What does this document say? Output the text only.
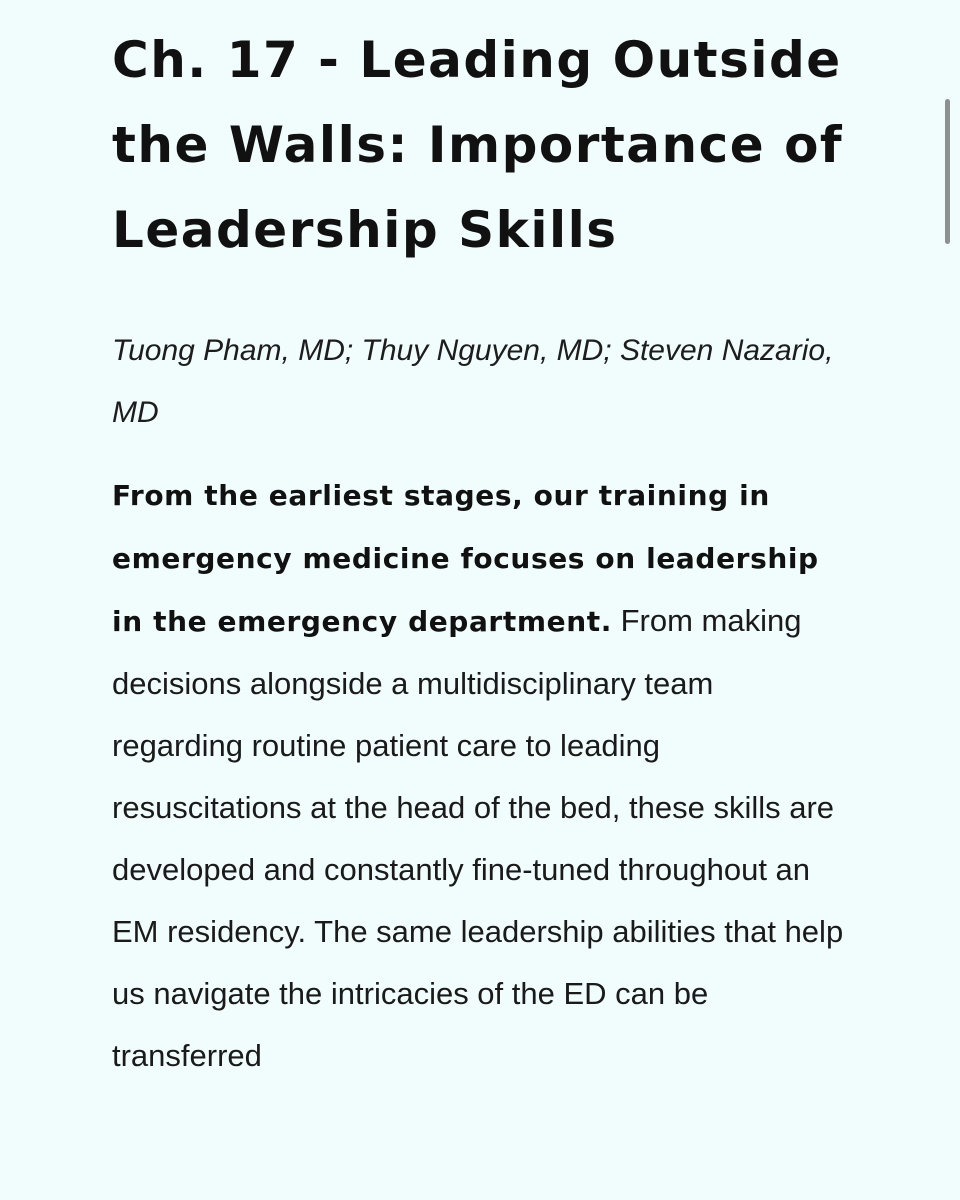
Ch. 17 - Leading Outside the Walls: Importance of Leadership Skills

Tuong Pham, MD; Thuy Nguyen, MD; Steven Nazario, MD

From the earliest stages, our training in emergency medicine focuses on leadership in the emergency department. From making decisions alongside a multidisciplinary team regarding routine patient care to leading resuscitations at the head of the bed, these skills are developed and constantly fine-tuned throughout an EM residency. The same leadership abilities that help us navigate the intricacies of the ED can be transferred
